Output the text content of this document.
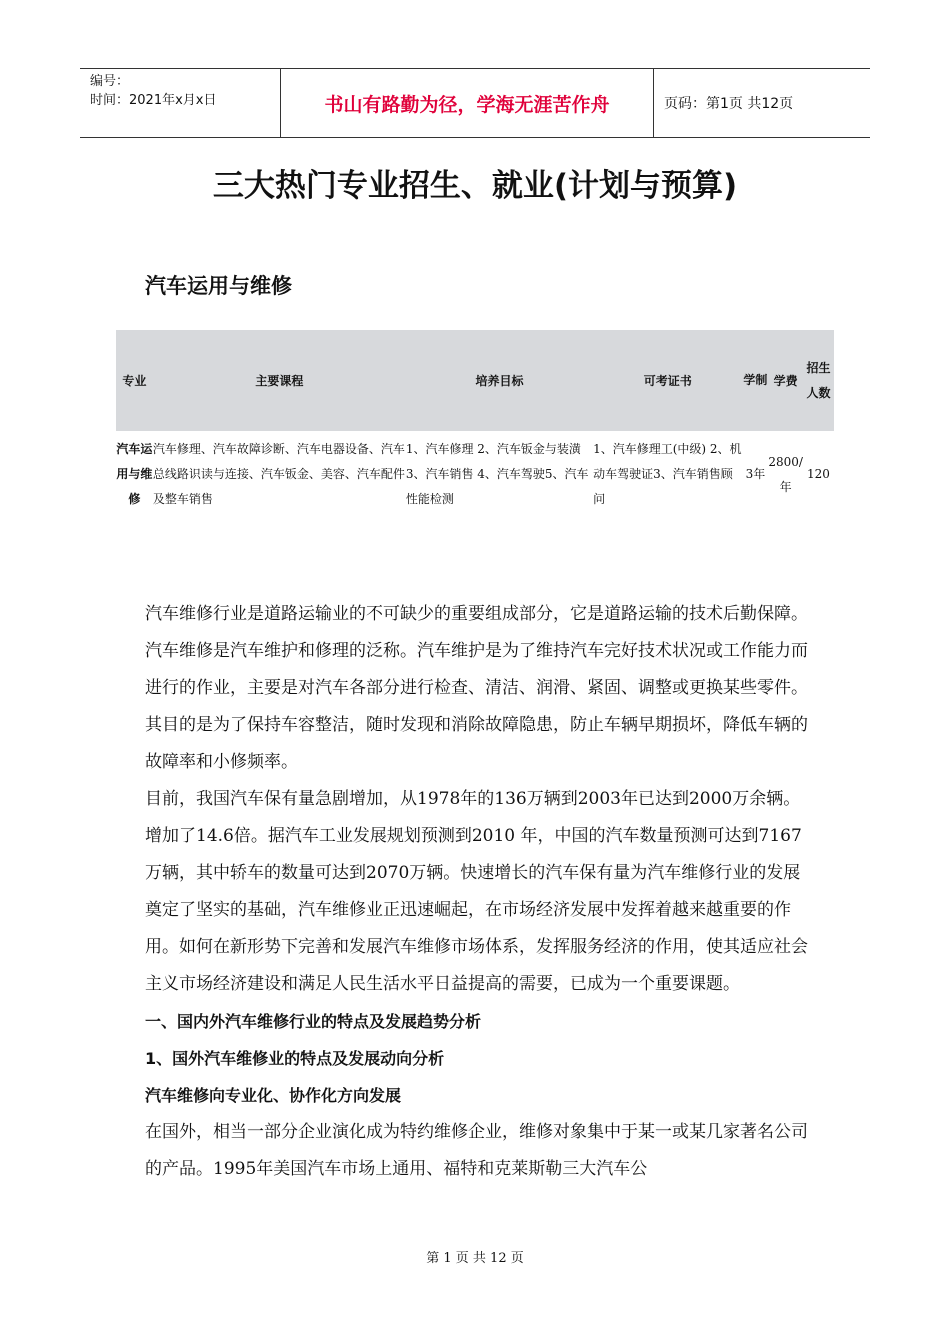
编号：
时间：2021年x月x日	书山有路勤为径，学海无涯苦作舟	页码：第1页 共12页
三大热门专业招生、就业(计划与预算)
汽车运用与维修
专业	主要课程	培养目标	可考证书	学制	学费	招生人数
汽车运用与维修	汽车修理、汽车故障诊断、汽车电器设备、汽车总线路识读与连接、汽车钣金、美容、汽车配件及整车销售	1、汽车修理 2、汽车钣金与装潢3、汽车销售 4、汽车驾驶5、汽车性能检测	1、汽车修理工(中级) 2、机动车驾驶证3、汽车销售顾问	3年	2800/年	120

汽车维修行业是道路运输业的不可缺少的重要组成部分，它是道路运输的技术后勤保障。汽车维修是汽车维护和修理的泛称。汽车维护是为了维持汽车完好技术状况或工作能力而进行的作业，主要是对汽车各部分进行检查、清洁、润滑、紧固、调整或更换某些零件。其目的是为了保持车容整洁，随时发现和消除故障隐患，防止车辆早期损坏，降低车辆的故障率和小修频率。

目前，我国汽车保有量急剧增加，从1978年的136万辆到2003年已达到2000万余辆。增加了14.6倍。据汽车工业发展规划预测到2010 年，中国的汽车数量预测可达到7167万辆，其中轿车的数量可达到2070万辆。快速增长的汽车保有量为汽车维修行业的发展奠定了坚实的基础，汽车维修业正迅速崛起，在市场经济发展中发挥着越来越重要的作用。如何在新形势下完善和发展汽车维修市场体系，发挥服务经济的作用，使其适应社会主义市场经济建设和满足人民生活水平日益提高的需要，已成为一个重要课题。

一、国内外汽车维修行业的特点及发展趋势分析

1、国外汽车维修业的特点及发展动向分析

汽车维修向专业化、协作化方向发展

在国外，相当一部分企业演化成为特约维修企业，维修对象集中于某一或某几家著名公司的产品。1995年美国汽车市场上通用、福特和克莱斯勒三大汽车公

第 1 页 共 12 页
